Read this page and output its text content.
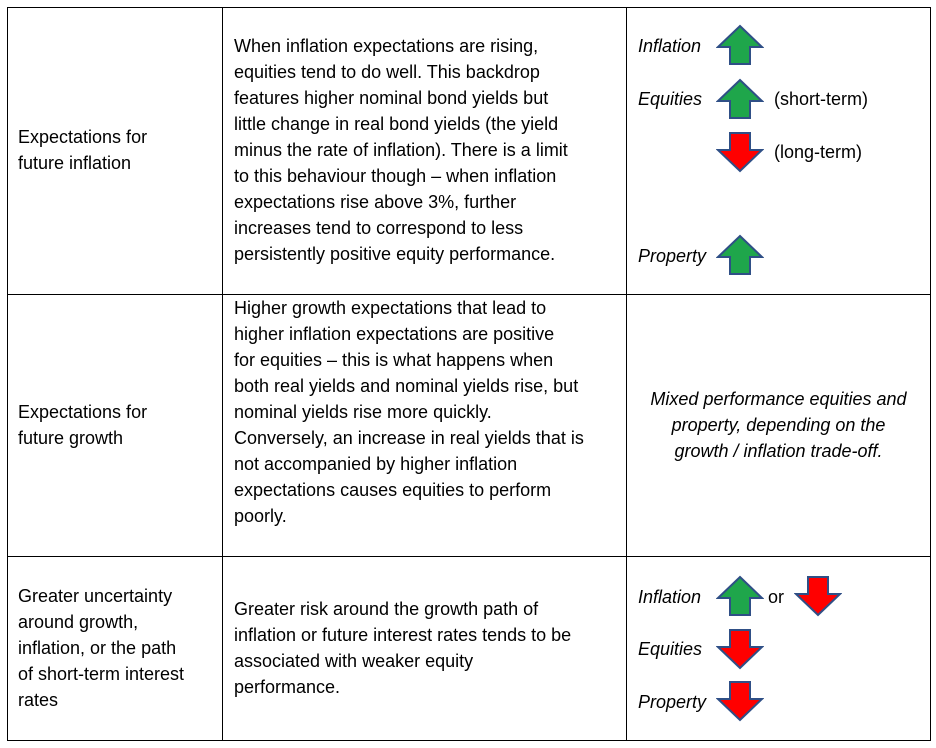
Expectations for
future inflation
When inflation expectations are rising,
equities tend to do well. This backdrop
features higher nominal bond yields but
little change in real bond yields (the yield
minus the rate of inflation). There is a limit
to this behaviour though – when inflation
expectations rise above 3%, further
increases tend to correspond to less
persistently positive equity performance.
Inflation
Equities	(short-term)
(long-term)
Property
Expectations for
future growth
Higher growth expectations that lead to
higher inflation expectations are positive
for equities – this is what happens when
both real yields and nominal yields rise, but
nominal yields rise more quickly.
Conversely, an increase in real yields that is
not accompanied by higher inflation
expectations causes equities to perform
poorly.
Mixed performance equities and
property, depending on the
growth / inflation trade-off.
Greater uncertainty
around growth,
inflation, or the path
of short-term interest
rates
Greater risk around the growth path of
inflation or future interest rates tends to be
associated with weaker equity
performance.
Inflation	or
Equities
Property
